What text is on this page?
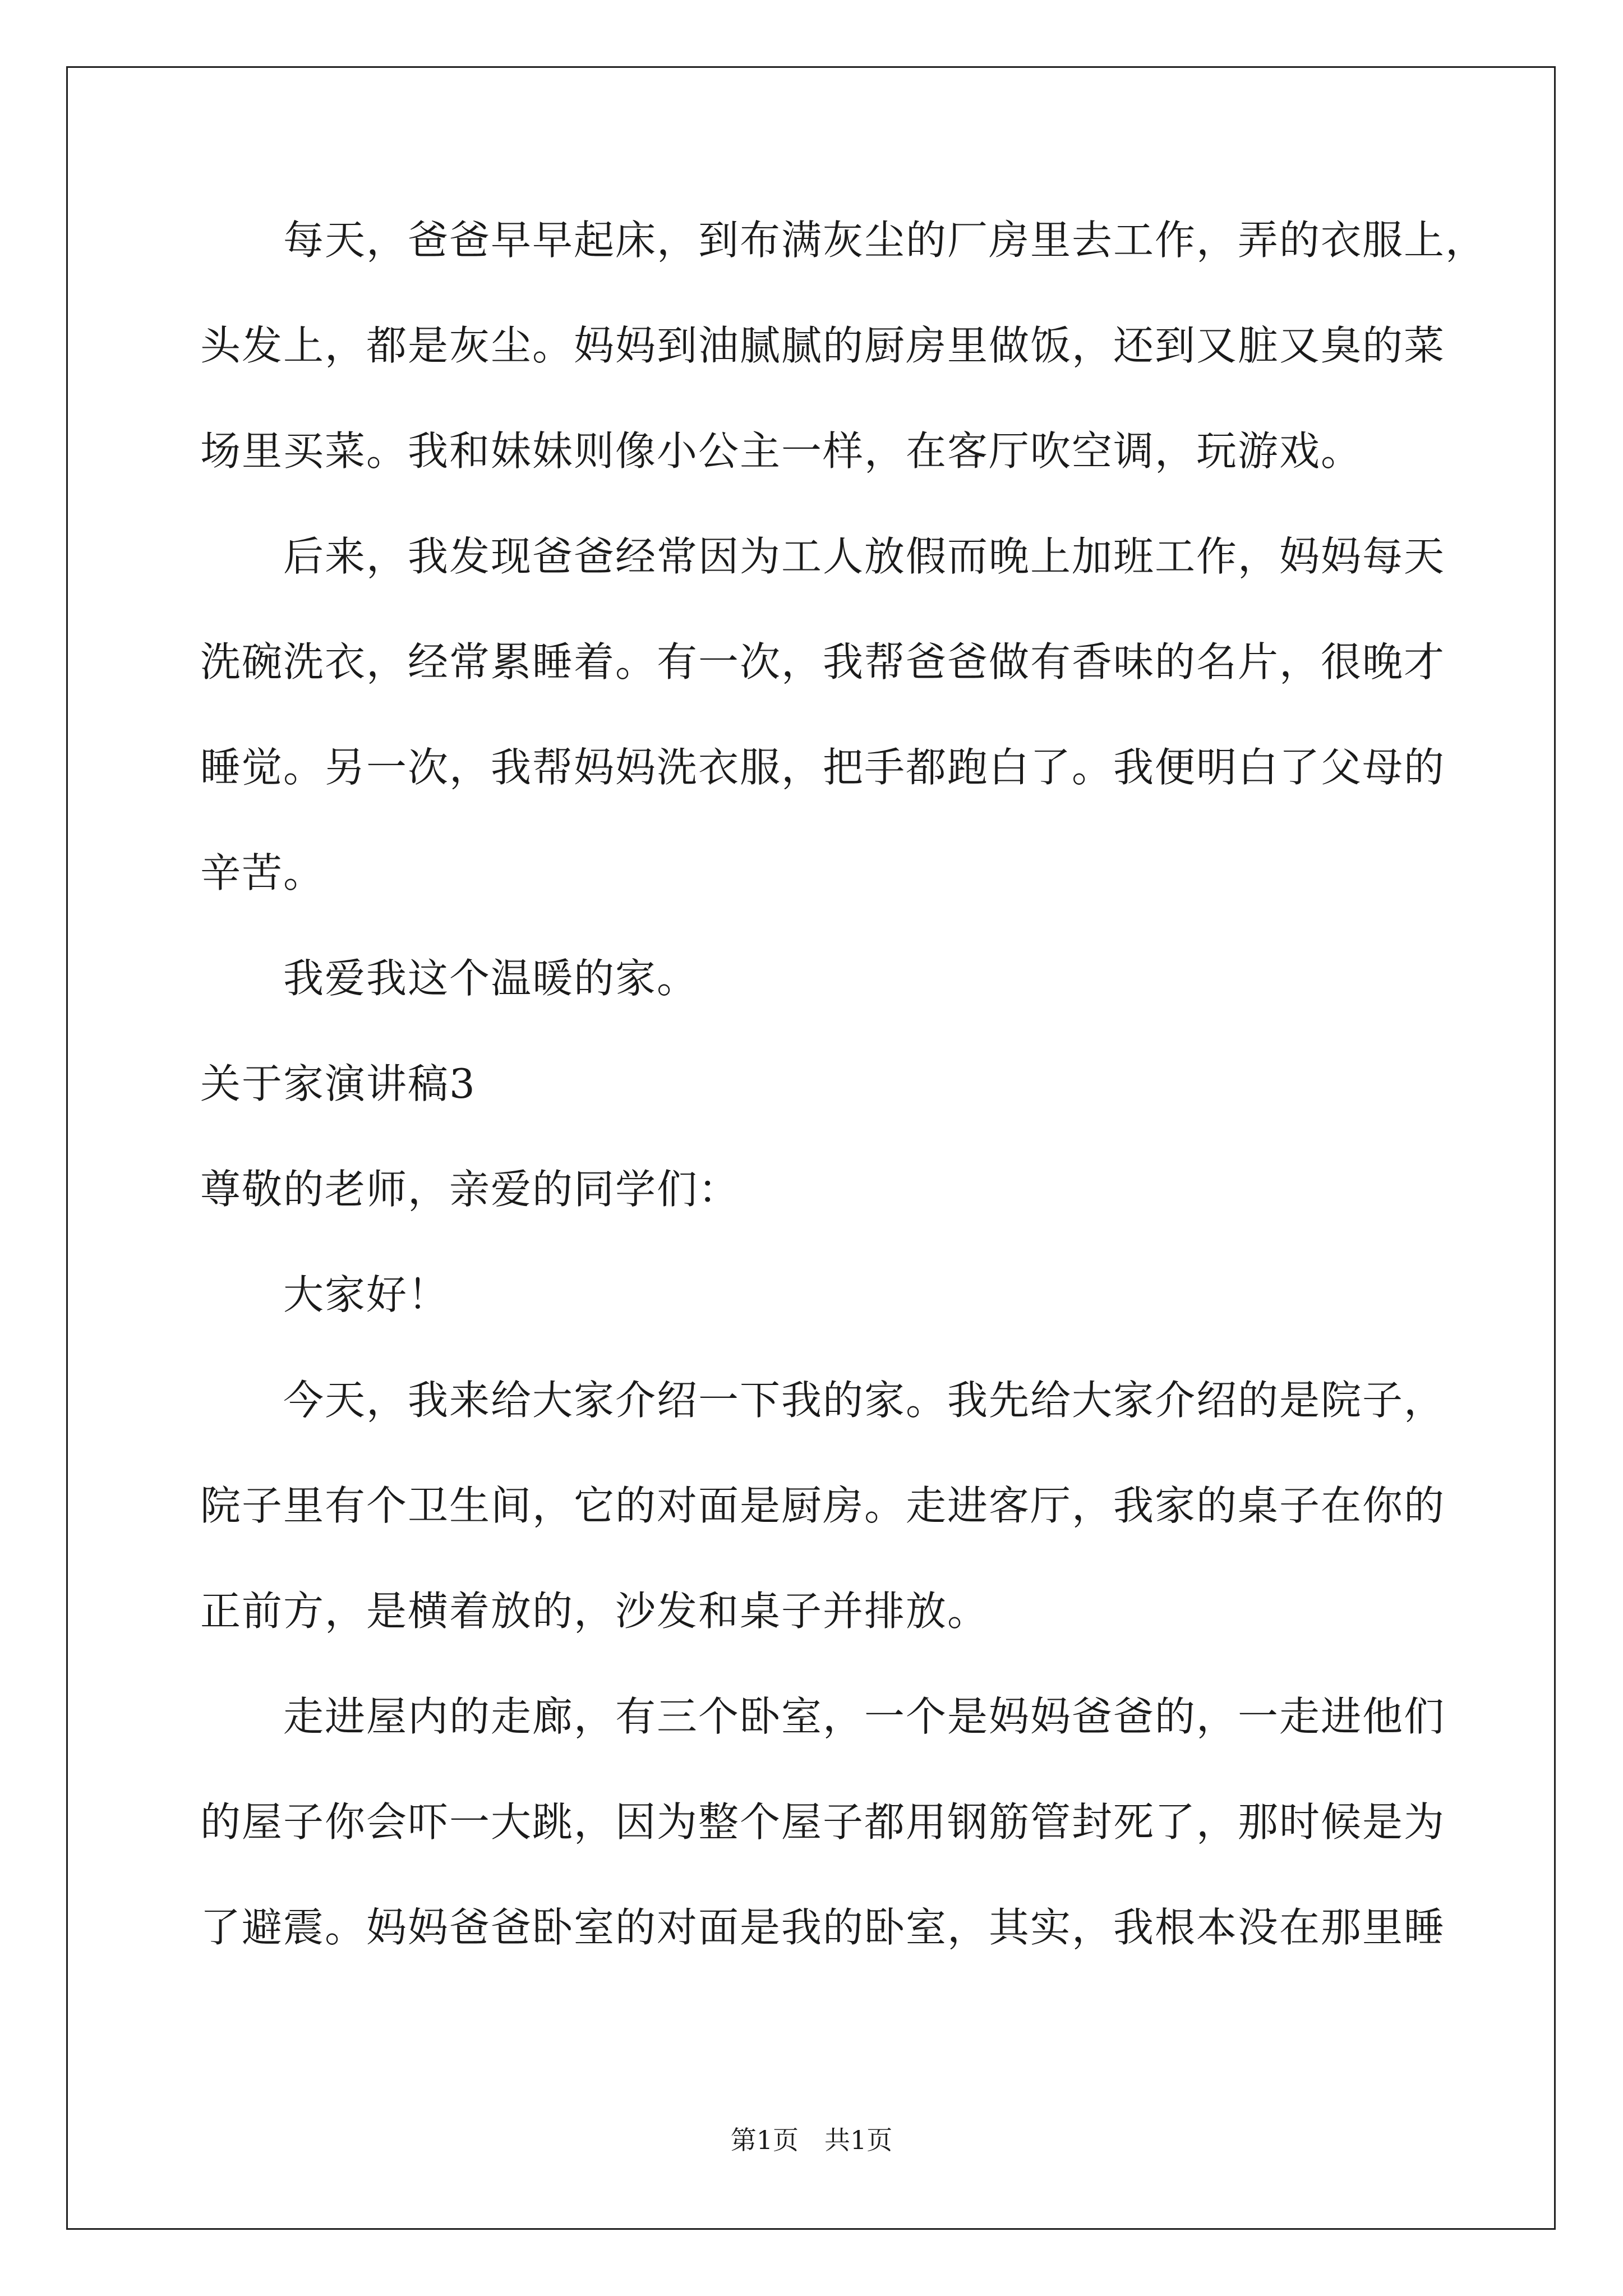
　　每天，爸爸早早起床，到布满灰尘的厂房里去工作，弄的衣服上，
头发上，都是灰尘。妈妈到油腻腻的厨房里做饭，还到又脏又臭的菜
场里买菜。我和妹妹则像小公主一样，在客厅吹空调，玩游戏。
　　后来，我发现爸爸经常因为工人放假而晚上加班工作，妈妈每天
洗碗洗衣，经常累睡着。有一次，我帮爸爸做有香味的名片，很晚才
睡觉。另一次，我帮妈妈洗衣服，把手都跑白了。我便明白了父母的
辛苦。
　　我爱我这个温暖的家。
关于家演讲稿3
尊敬的老师，亲爱的同学们：
　　大家好！
　　今天，我来给大家介绍一下我的家。我先给大家介绍的是院子，
院子里有个卫生间，它的对面是厨房。走进客厅，我家的桌子在你的
正前方，是横着放的，沙发和桌子并排放。
　　走进屋内的走廊，有三个卧室，一个是妈妈爸爸的，一走进他们
的屋子你会吓一大跳，因为整个屋子都用钢筋管封死了，那时候是为
了避震。妈妈爸爸卧室的对面是我的卧室，其实，我根本没在那里睡
第1页　共1页
